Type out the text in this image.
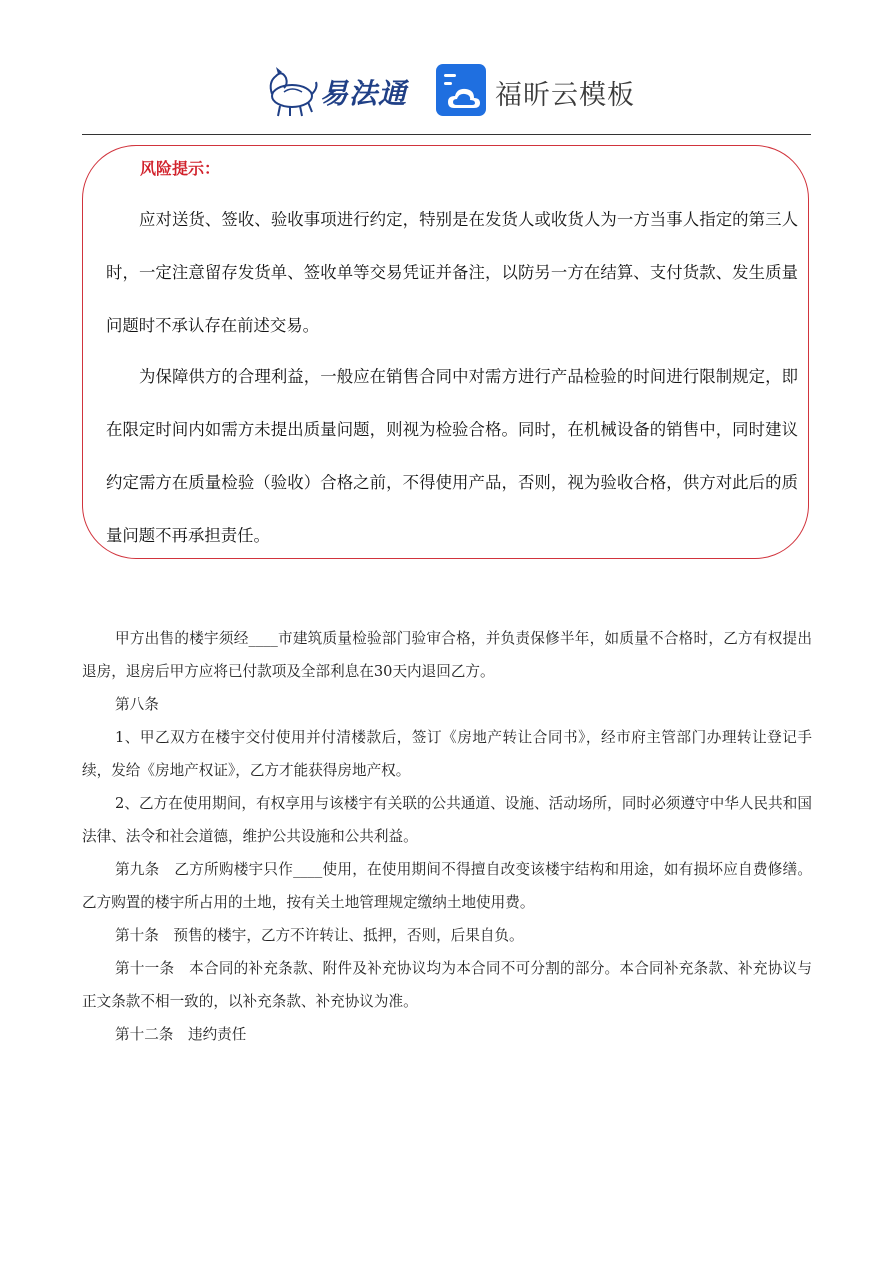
易法通	福昕云模板
风险提示：

应对送货、签收、验收事项进行约定，特别是在发货人或收货人为一方当事人指定的第三人时，一定注意留存发货单、签收单等交易凭证并备注，以防另一方在结算、支付货款、发生质量问题时不承认存在前述交易。

为保障供方的合理利益，一般应在销售合同中对需方进行产品检验的时间进行限制规定，即在限定时间内如需方未提出质量问题，则视为检验合格。同时，在机械设备的销售中，同时建议约定需方在质量检验（验收）合格之前，不得使用产品，否则，视为验收合格，供方对此后的质量问题不再承担责任。

甲方出售的楼宇须经____市建筑质量检验部门验审合格，并负责保修半年，如质量不合格时，乙方有权提出退房，退房后甲方应将已付款项及全部利息在30天内退回乙方。

第八条

1、甲乙双方在楼宇交付使用并付清楼款后，签订《房地产转让合同书》，经市府主管部门办理转让登记手续，发给《房地产权证》，乙方才能获得房地产权。

2、乙方在使用期间，有权享用与该楼宇有关联的公共通道、设施、活动场所，同时必须遵守中华人民共和国法律、法令和社会道德，维护公共设施和公共利益。

第九条　乙方所购楼宇只作____使用，在使用期间不得擅自改变该楼宇结构和用途，如有损坏应自费修缮。乙方购置的楼宇所占用的土地，按有关土地管理规定缴纳土地使用费。

第十条　预售的楼宇，乙方不许转让、抵押，否则，后果自负。

第十一条　本合同的补充条款、附件及补充协议均为本合同不可分割的部分。本合同补充条款、补充协议与正文条款不相一致的，以补充条款、补充协议为准。

第十二条　违约责任
